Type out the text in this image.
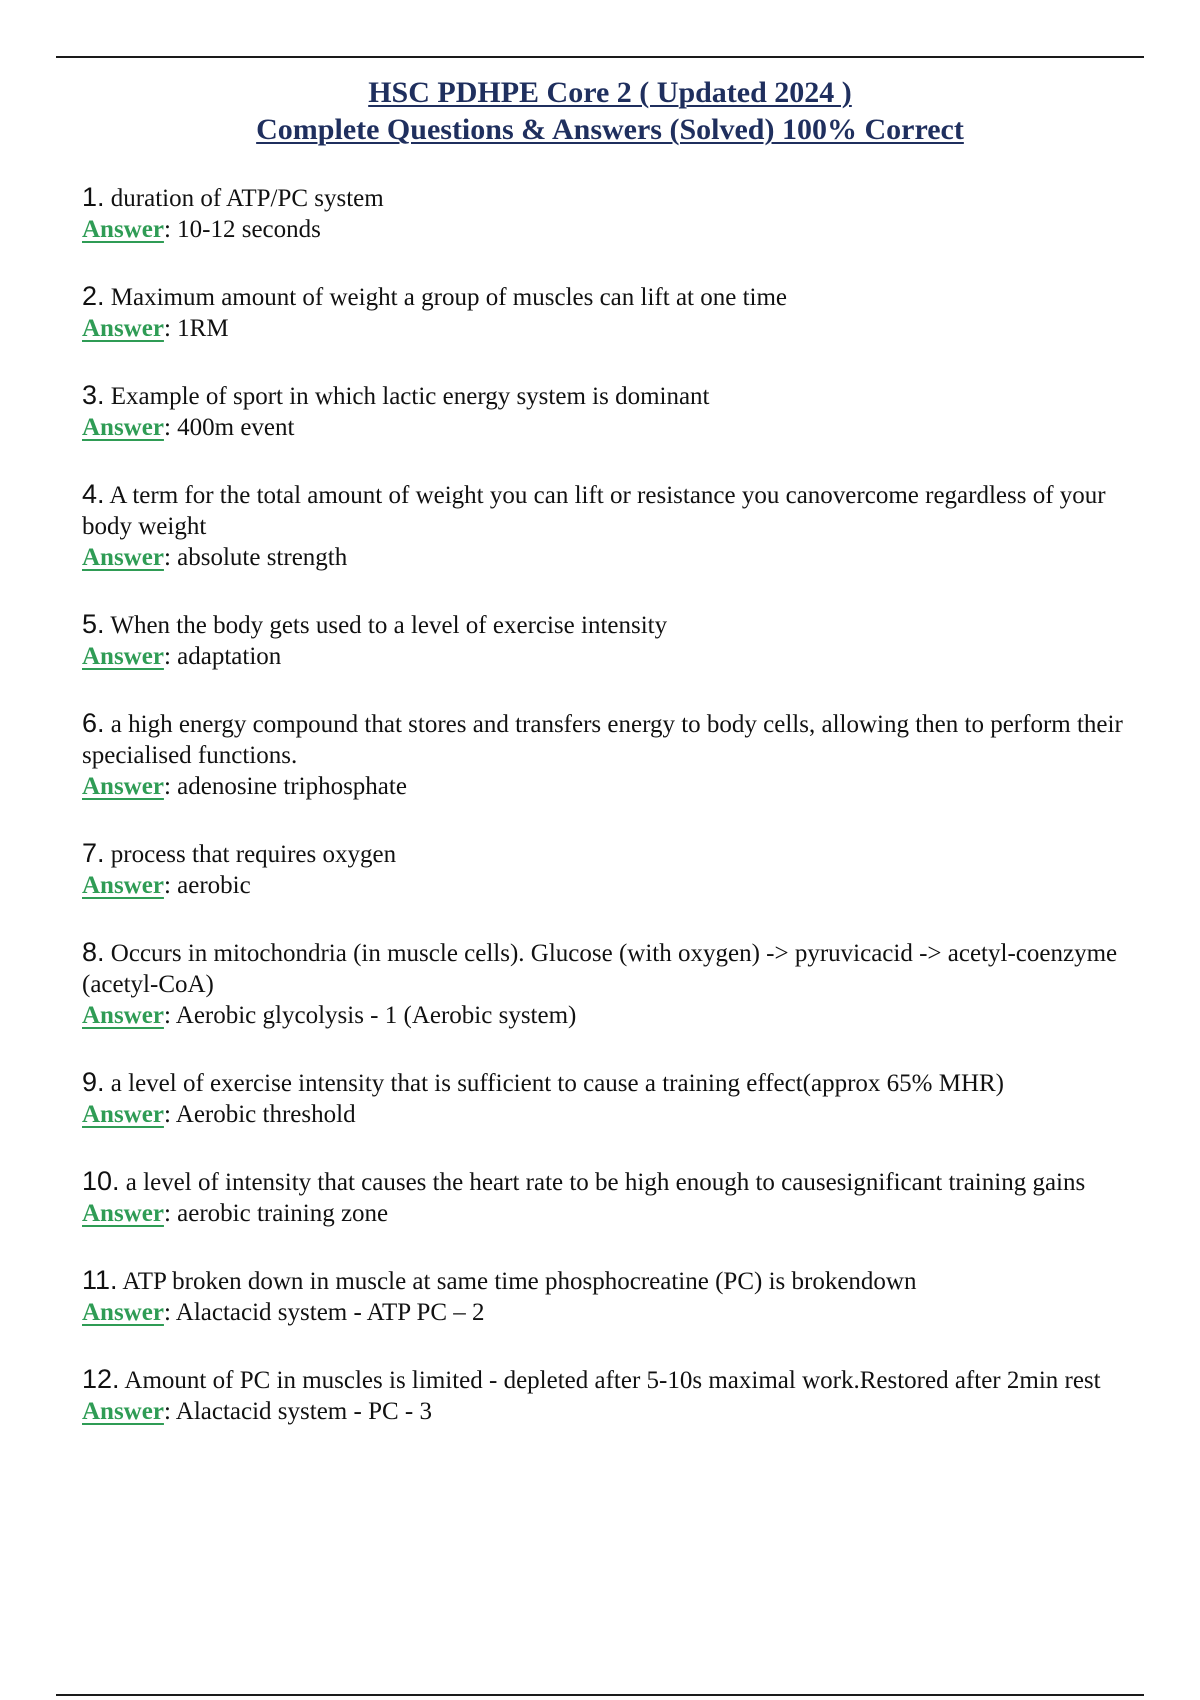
HSC PDHPE Core 2 ( Updated 2024 )
Complete Questions & Answers (Solved) 100% Correct
1. duration of ATP/PC system
Answer: 10-12 seconds
2. Maximum amount of weight a group of muscles can lift at one time
Answer: 1RM
3. Example of sport in which lactic energy system is dominant
Answer: 400m event
4. A term for the total amount of weight you can lift or resistance you canovercome regardless of your body weight
Answer: absolute strength
5. When the body gets used to a level of exercise intensity
Answer: adaptation
6. a high energy compound that stores and transfers energy to body cells, allowing then to perform their specialised functions.
Answer: adenosine triphosphate
7. process that requires oxygen
Answer: aerobic
8. Occurs in mitochondria (in muscle cells). Glucose (with oxygen) -> pyruvicacid -> acetyl-coenzyme (acetyl-CoA)
Answer: Aerobic glycolysis - 1 (Aerobic system)
9. a level of exercise intensity that is sufficient to cause a training effect(approx 65% MHR)
Answer: Aerobic threshold
10. a level of intensity that causes the heart rate to be high enough to causesignificant training gains
Answer: aerobic training zone
11. ATP broken down in muscle at same time phosphocreatine (PC) is brokendown
Answer: Alactacid system - ATP PC – 2
12. Amount of PC in muscles is limited - depleted after 5-10s maximal work.Restored after 2min rest
Answer: Alactacid system - PC - 3
